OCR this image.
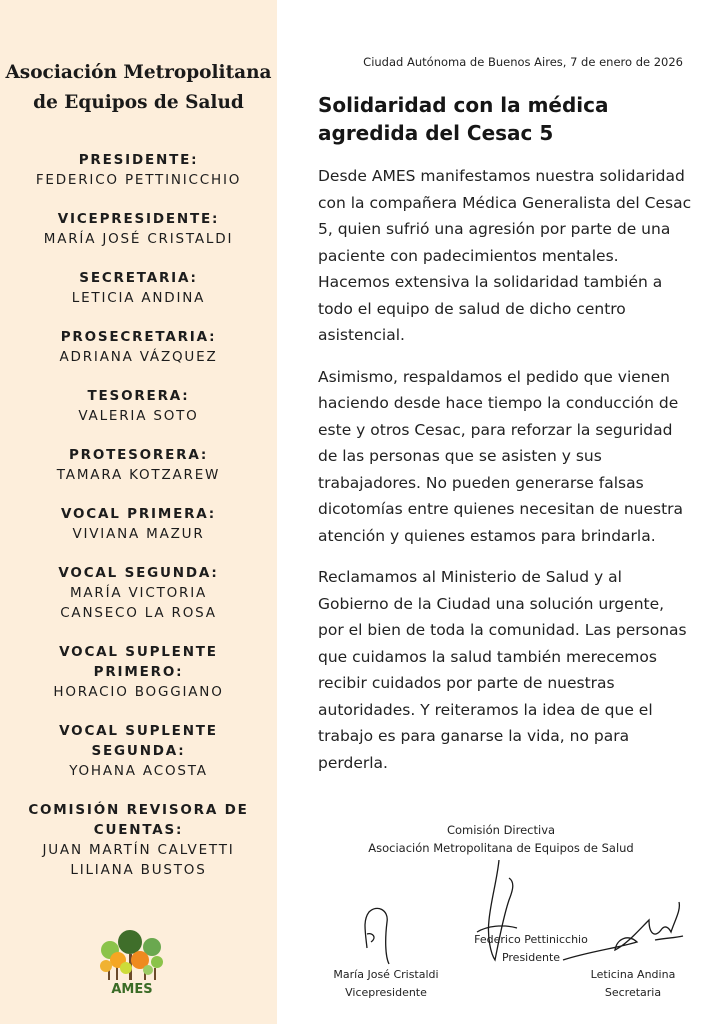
Asociación Metropolitana
de Equipos de Salud
PRESIDENTE:
FEDERICO PETTINICCHIO
VICEPRESIDENTE:
MARÍA JOSÉ CRISTALDI
SECRETARIA:
LETICIA ANDINA
PROSECRETARIA:
ADRIANA VÁZQUEZ
TESORERA:
VALERIA SOTO
PROTESORERA:
TAMARA KOTZAREW
VOCAL PRIMERA:
VIVIANA MAZUR
VOCAL SEGUNDA:
MARÍA VICTORIA
CANSECO LA ROSA
VOCAL SUPLENTE
PRIMERO:
HORACIO BOGGIANO
VOCAL SUPLENTE
SEGUNDA:
YOHANA ACOSTA
COMISIÓN REVISORA DE
CUENTAS:
JUAN MARTÍN CALVETTI
LILIANA BUSTOS
AMES
Ciudad Autónoma de Buenos Aires, 7 de enero de 2026
Solidaridad con la médica
agredida del Cesac 5

Desde AMES manifestamos nuestra solidaridad con la compañera Médica Generalista del Cesac 5, quien sufrió una agresión por parte de una paciente con padecimientos mentales. Hacemos extensiva la solidaridad también a todo el equipo de salud de dicho centro asistencial.

Asimismo, respaldamos el pedido que vienen haciendo desde hace tiempo la conducción de este y otros Cesac, para reforzar la seguridad de las personas que se asisten y sus trabajadores. No pueden generarse falsas dicotomías entre quienes necesitan de nuestra atención y quienes estamos para brindarla.

Reclamamos al Ministerio de Salud y al Gobierno de la Ciudad una solución urgente, por el bien de toda la comunidad. Las personas que cuidamos la salud también merecemos recibir cuidados por parte de nuestras autoridades. Y reiteramos la idea de que el trabajo es para ganarse la vida, no para perderla.

Comisión Directiva
Asociación Metropolitana de Equipos de Salud
Federico Pettinicchio
Presidente
María José Cristaldi
Vicepresidente
Leticina Andina
Secretaria
